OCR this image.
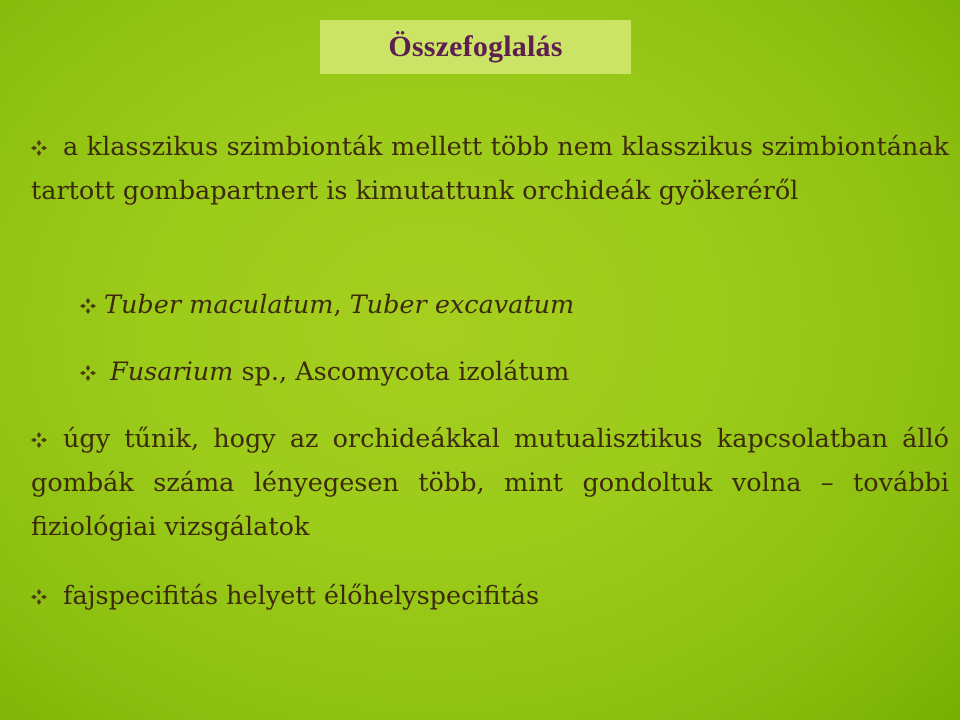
Összefoglalás
a klasszikus szimbionták mellett több nem klasszikus szimbiontának tartott gombapartnert is kimutattunk orchideák gyökeréről
Tuber maculatum, Tuber excavatum
Fusarium sp., Ascomycota izolátum
úgy tűnik, hogy az orchideákkal mutualisztikus kapcsolatban álló gombák száma lényegesen több, mint gondoltuk volna – további fiziológiai vizsgálatok
fajspecifitás helyett élőhelyspecifitás
